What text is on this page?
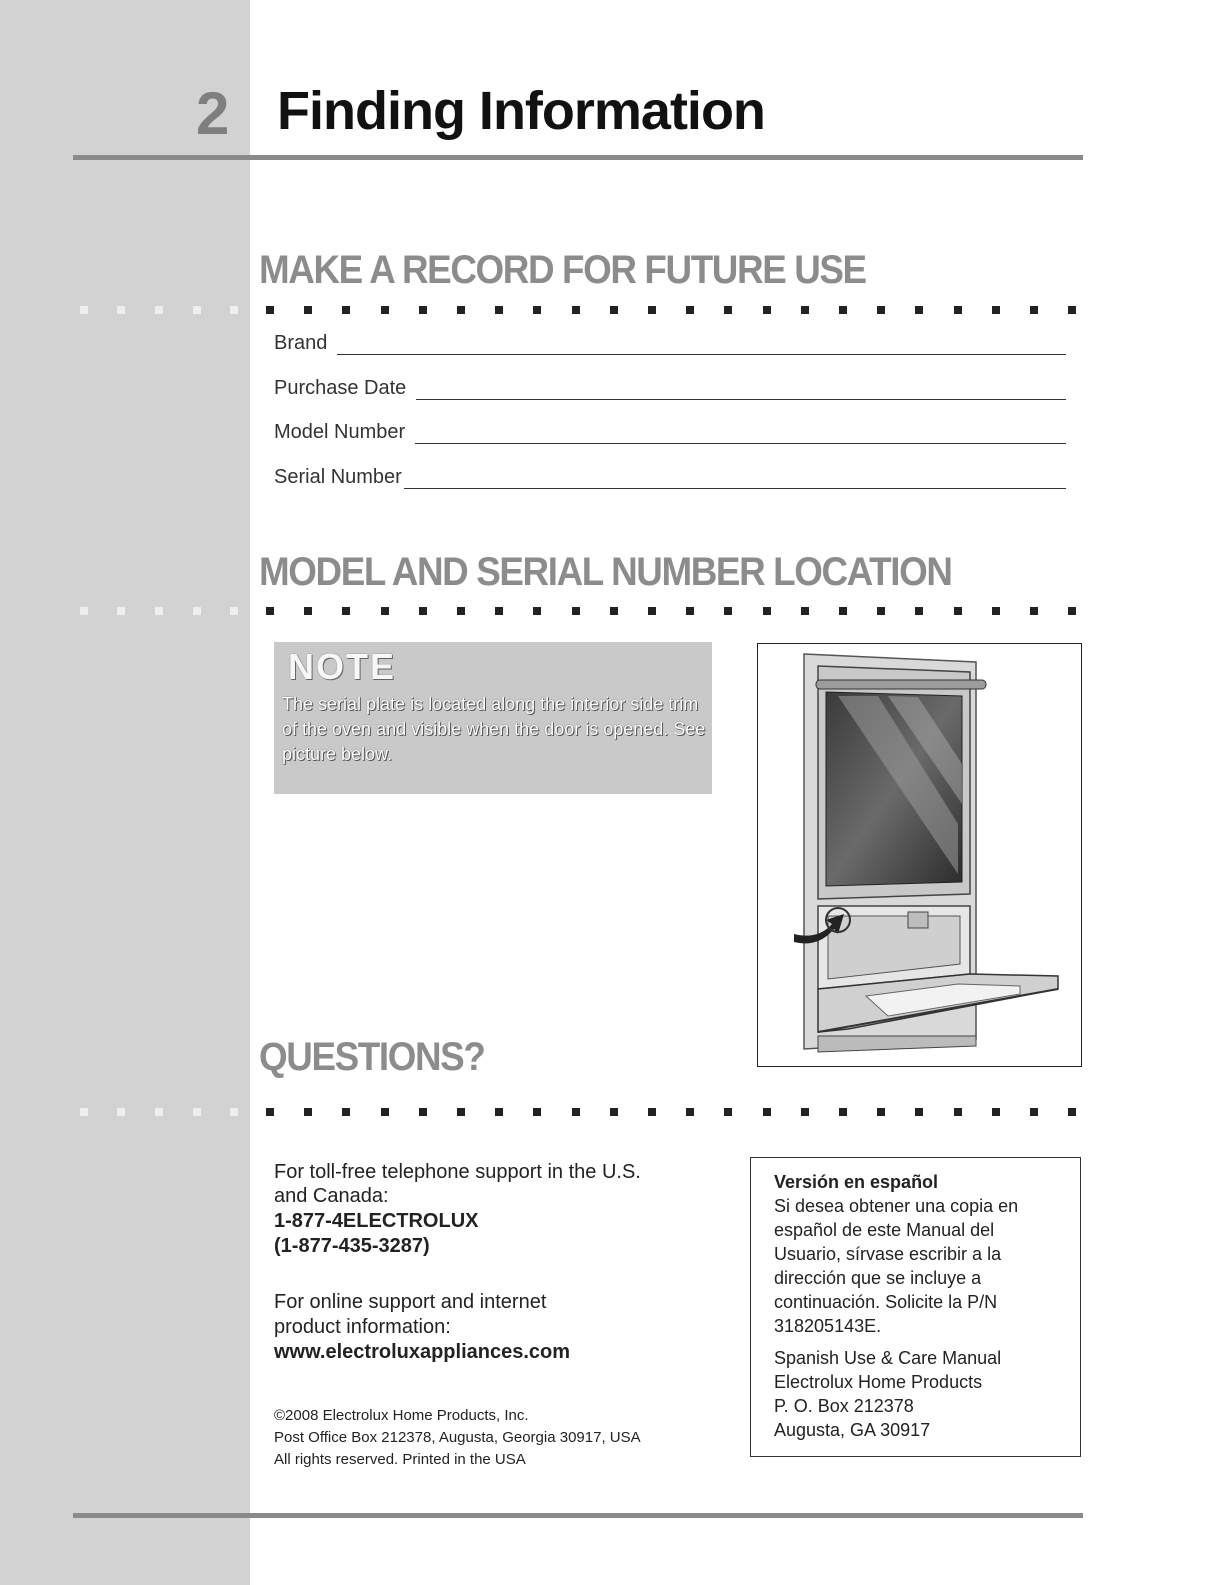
2 Finding Information
MAKE A RECORD FOR FUTURE USE
Brand
Purchase Date
Model Number
Serial Number
MODEL AND SERIAL NUMBER LOCATION
NOTE
The serial plate is located along the interior side trim of the oven and visible when the door is opened. See picture below.
QUESTIONS?
For toll-free telephone support in the U.S.
and Canada:
1-877-4ELECTROLUX
(1-877-435-3287)
For online support and internet
product information:
www.electroluxappliances.com
©2008 Electrolux Home Products, Inc.
Post Office Box 212378, Augusta, Georgia 30917, USA
All rights reserved. Printed in the USA
Versión en español
Si desea obtener una copia en
español de este Manual del
Usuario, sírvase escribir a la
dirección que se incluye a
continuación. Solicite la P/N
318205143E.
Spanish Use & Care Manual
Electrolux Home Products
P. O. Box 212378
Augusta, GA 30917
